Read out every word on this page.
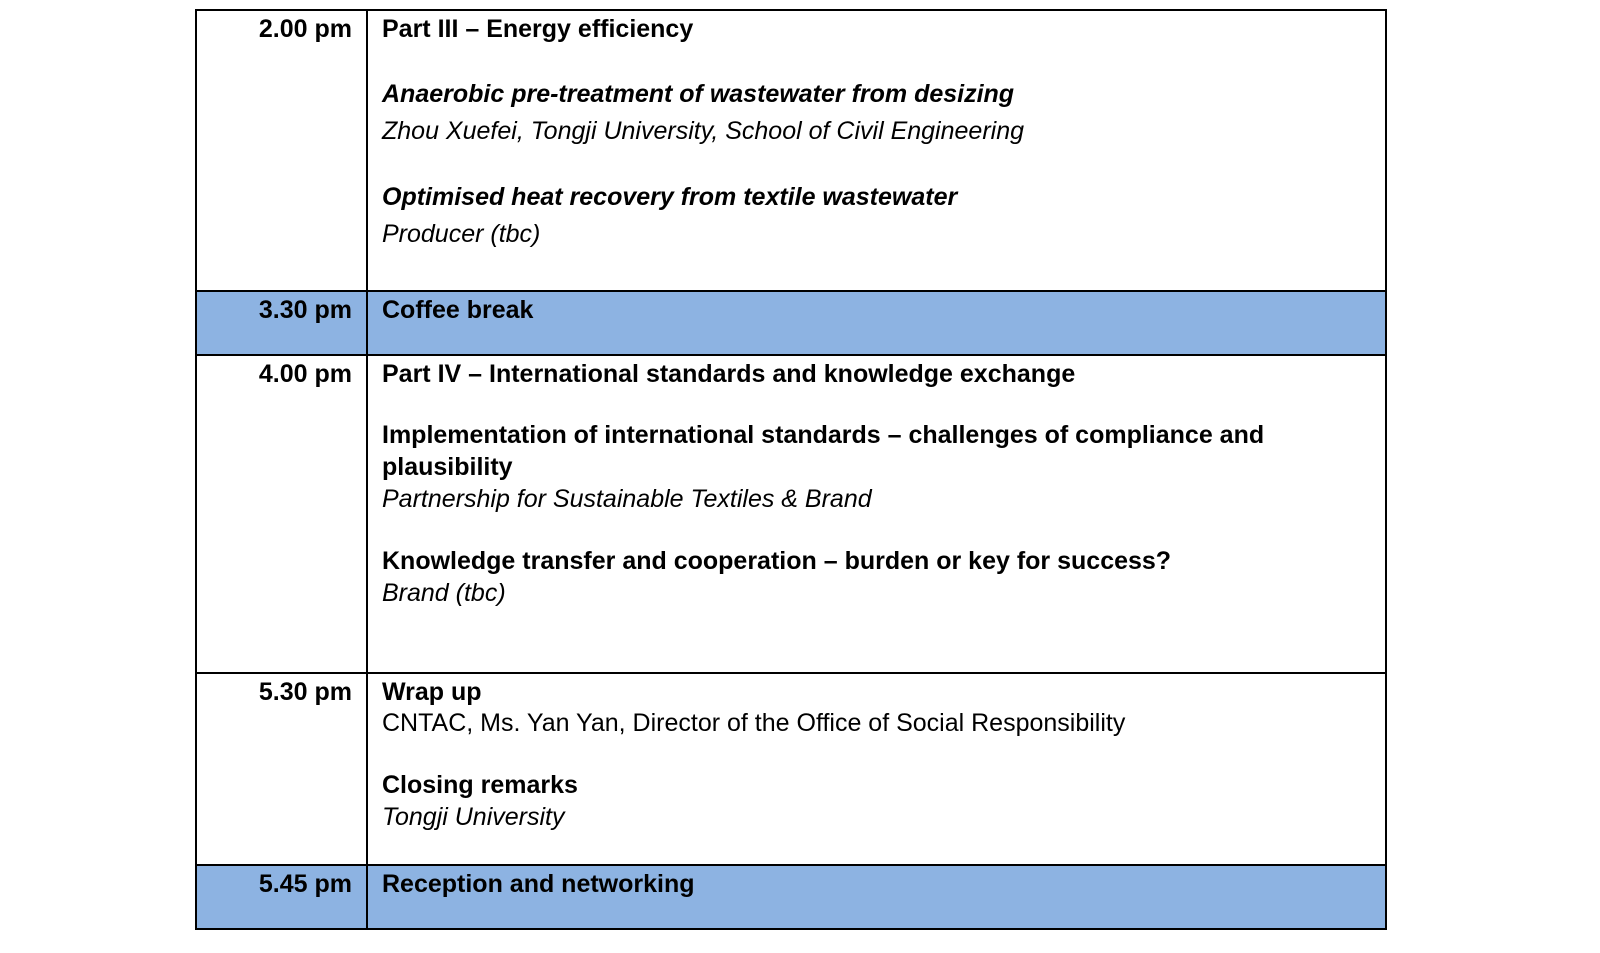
2.00 pm	Part III – Energy efficiency
Anaerobic pre-treatment of wastewater from desizing
Zhou Xuefei, Tongji University, School of Civil Engineering
Optimised heat recovery from textile wastewater
Producer (tbc)

3.30 pm	Coffee break

4.00 pm	Part IV – International standards and knowledge exchange
Implementation of international standards – challenges of compliance and plausibility
Partnership for Sustainable Textiles & Brand
Knowledge transfer and cooperation – burden or key for success?
Brand (tbc)

5.30 pm	Wrap up
CNTAC, Ms. Yan Yan, Director of the Office of Social Responsibility
Closing remarks
Tongji University

5.45 pm	Reception and networking
